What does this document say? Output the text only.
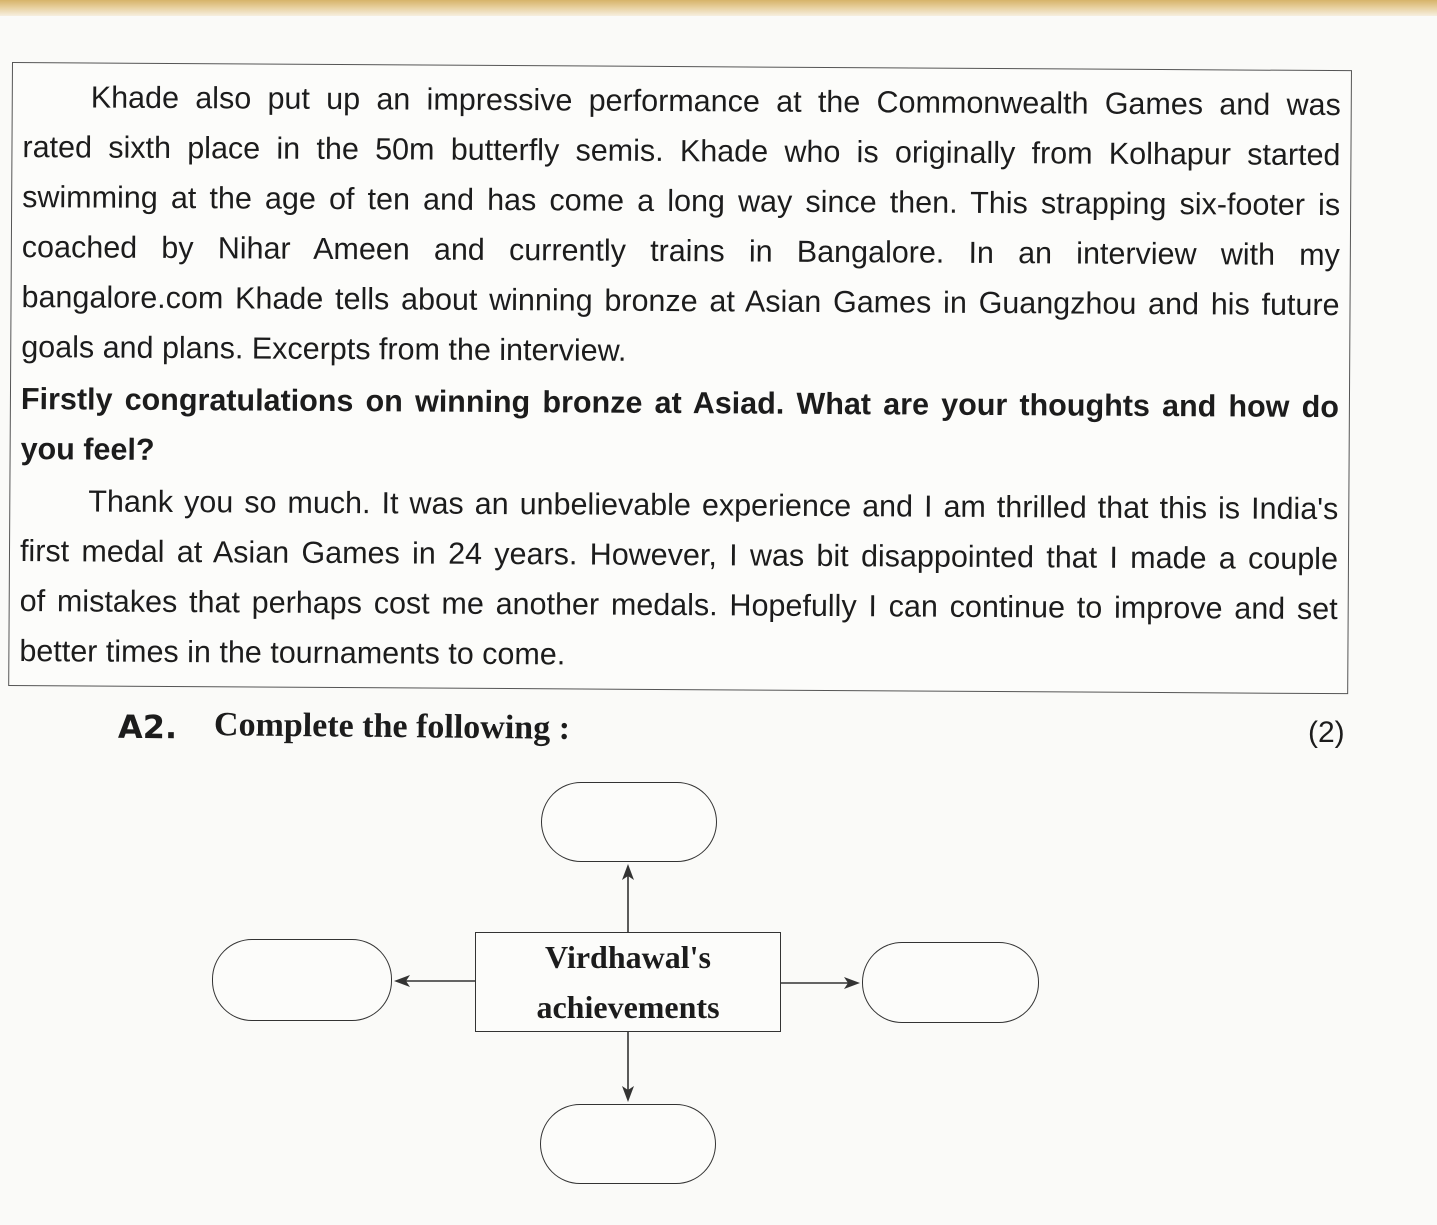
Khade also put up an impressive performance at the Commonwealth Games and was
rated sixth place in the 50m butterfly semis. Khade who is originally from Kolhapur started
swimming at the age of ten and has come a long way since then. This strapping six-footer is
coached by Nihar Ameen and currently trains in Bangalore. In an interview with my
bangalore.com Khade tells about winning bronze at Asian Games in Guangzhou and his future
goals and plans. Excerpts from the interview.
Firstly congratulations on winning bronze at Asiad. What are your thoughts and how do
you feel?
Thank you so much. It was an unbelievable experience and I am thrilled that this is India's
first medal at Asian Games in 24 years. However, I was bit disappointed that I made a couple
of mistakes that perhaps cost me another medals. Hopefully I can continue to improve and set
better times in the tournaments to come.
A2. Complete the following :	(2)
Virdhawal's
achievements
